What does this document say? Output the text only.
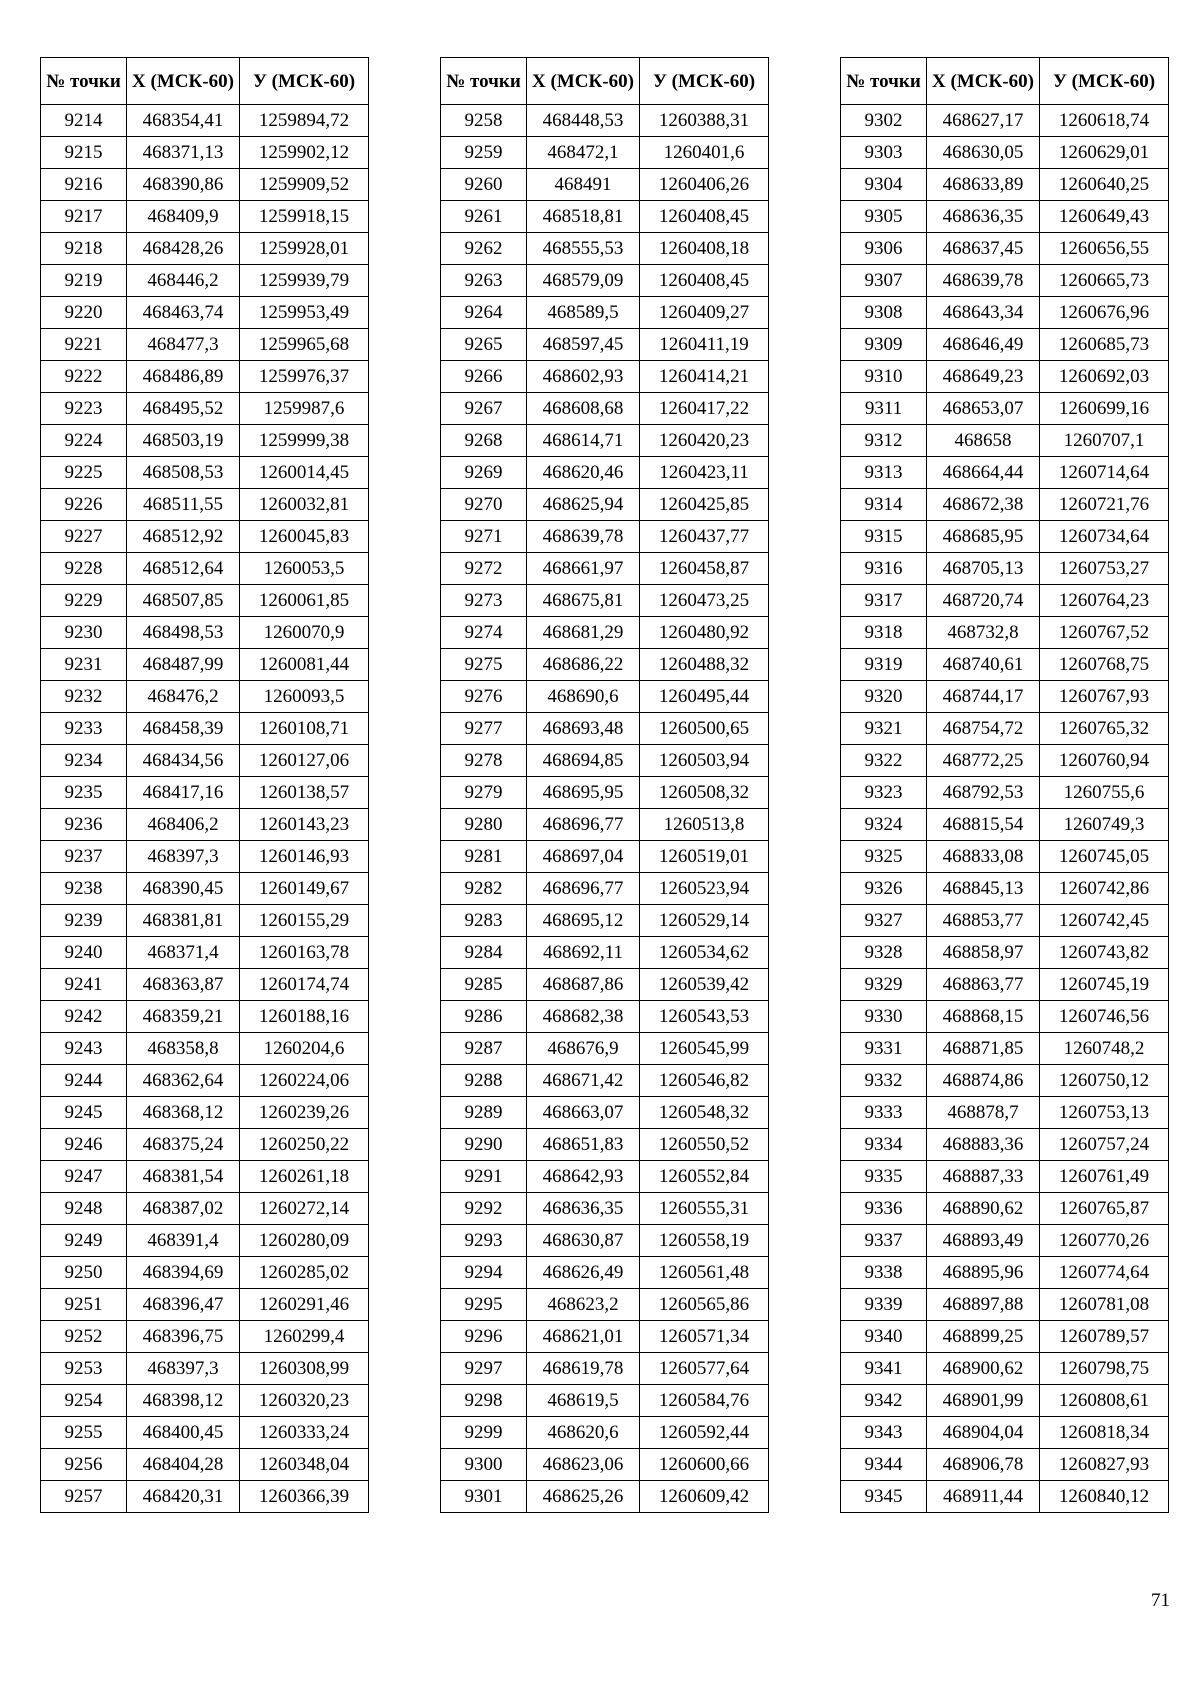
№ точки	Х (МСК-60)	У (МСК-60)
9214	468354,41	1259894,72
9215	468371,13	1259902,12
9216	468390,86	1259909,52
9217	468409,9	1259918,15
9218	468428,26	1259928,01
9219	468446,2	1259939,79
9220	468463,74	1259953,49
9221	468477,3	1259965,68
9222	468486,89	1259976,37
9223	468495,52	1259987,6
9224	468503,19	1259999,38
9225	468508,53	1260014,45
9226	468511,55	1260032,81
9227	468512,92	1260045,83
9228	468512,64	1260053,5
9229	468507,85	1260061,85
9230	468498,53	1260070,9
9231	468487,99	1260081,44
9232	468476,2	1260093,5
9233	468458,39	1260108,71
9234	468434,56	1260127,06
9235	468417,16	1260138,57
9236	468406,2	1260143,23
9237	468397,3	1260146,93
9238	468390,45	1260149,67
9239	468381,81	1260155,29
9240	468371,4	1260163,78
9241	468363,87	1260174,74
9242	468359,21	1260188,16
9243	468358,8	1260204,6
9244	468362,64	1260224,06
9245	468368,12	1260239,26
9246	468375,24	1260250,22
9247	468381,54	1260261,18
9248	468387,02	1260272,14
9249	468391,4	1260280,09
9250	468394,69	1260285,02
9251	468396,47	1260291,46
9252	468396,75	1260299,4
9253	468397,3	1260308,99
9254	468398,12	1260320,23
9255	468400,45	1260333,24
9256	468404,28	1260348,04
9257	468420,31	1260366,39
№ точки	Х (МСК-60)	У (МСК-60)
9258	468448,53	1260388,31
9259	468472,1	1260401,6
9260	468491	1260406,26
9261	468518,81	1260408,45
9262	468555,53	1260408,18
9263	468579,09	1260408,45
9264	468589,5	1260409,27
9265	468597,45	1260411,19
9266	468602,93	1260414,21
9267	468608,68	1260417,22
9268	468614,71	1260420,23
9269	468620,46	1260423,11
9270	468625,94	1260425,85
9271	468639,78	1260437,77
9272	468661,97	1260458,87
9273	468675,81	1260473,25
9274	468681,29	1260480,92
9275	468686,22	1260488,32
9276	468690,6	1260495,44
9277	468693,48	1260500,65
9278	468694,85	1260503,94
9279	468695,95	1260508,32
9280	468696,77	1260513,8
9281	468697,04	1260519,01
9282	468696,77	1260523,94
9283	468695,12	1260529,14
9284	468692,11	1260534,62
9285	468687,86	1260539,42
9286	468682,38	1260543,53
9287	468676,9	1260545,99
9288	468671,42	1260546,82
9289	468663,07	1260548,32
9290	468651,83	1260550,52
9291	468642,93	1260552,84
9292	468636,35	1260555,31
9293	468630,87	1260558,19
9294	468626,49	1260561,48
9295	468623,2	1260565,86
9296	468621,01	1260571,34
9297	468619,78	1260577,64
9298	468619,5	1260584,76
9299	468620,6	1260592,44
9300	468623,06	1260600,66
9301	468625,26	1260609,42
№ точки	Х (МСК-60)	У (МСК-60)
9302	468627,17	1260618,74
9303	468630,05	1260629,01
9304	468633,89	1260640,25
9305	468636,35	1260649,43
9306	468637,45	1260656,55
9307	468639,78	1260665,73
9308	468643,34	1260676,96
9309	468646,49	1260685,73
9310	468649,23	1260692,03
9311	468653,07	1260699,16
9312	468658	1260707,1
9313	468664,44	1260714,64
9314	468672,38	1260721,76
9315	468685,95	1260734,64
9316	468705,13	1260753,27
9317	468720,74	1260764,23
9318	468732,8	1260767,52
9319	468740,61	1260768,75
9320	468744,17	1260767,93
9321	468754,72	1260765,32
9322	468772,25	1260760,94
9323	468792,53	1260755,6
9324	468815,54	1260749,3
9325	468833,08	1260745,05
9326	468845,13	1260742,86
9327	468853,77	1260742,45
9328	468858,97	1260743,82
9329	468863,77	1260745,19
9330	468868,15	1260746,56
9331	468871,85	1260748,2
9332	468874,86	1260750,12
9333	468878,7	1260753,13
9334	468883,36	1260757,24
9335	468887,33	1260761,49
9336	468890,62	1260765,87
9337	468893,49	1260770,26
9338	468895,96	1260774,64
9339	468897,88	1260781,08
9340	468899,25	1260789,57
9341	468900,62	1260798,75
9342	468901,99	1260808,61
9343	468904,04	1260818,34
9344	468906,78	1260827,93
9345	468911,44	1260840,12
71
